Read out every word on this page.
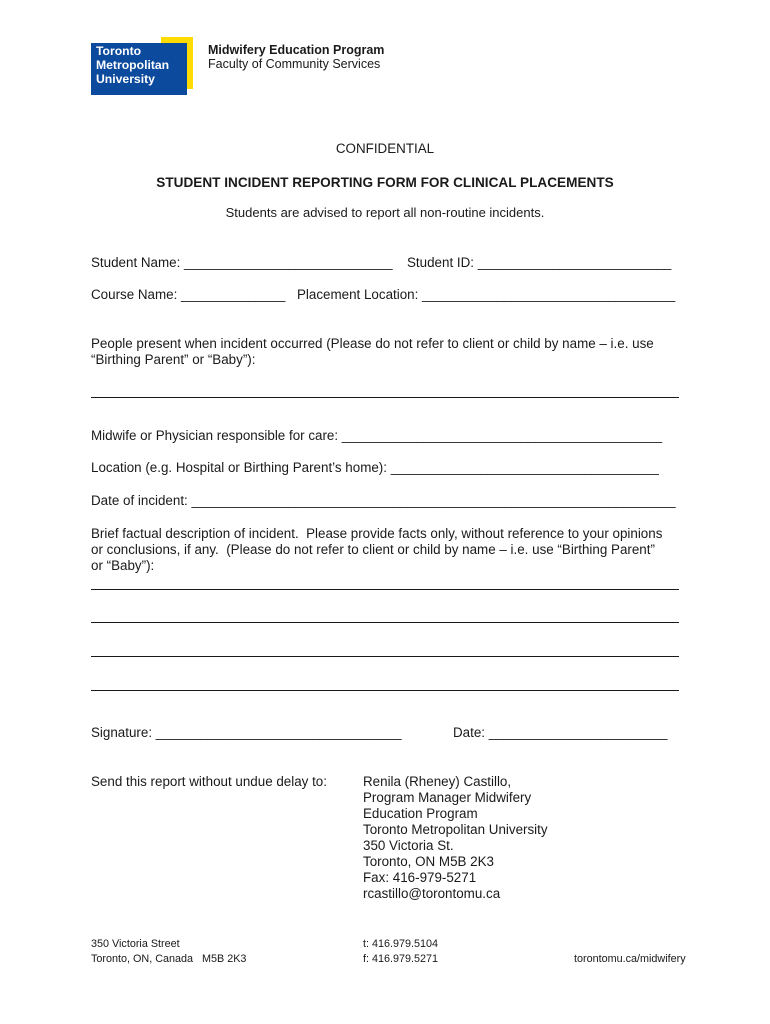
Toronto
Metropolitan
University
Midwifery Education Program
Faculty of Community Services
CONFIDENTIAL
STUDENT INCIDENT REPORTING FORM FOR CLINICAL PLACEMENTS
Students are advised to report all non-routine incidents.
Student Name: ____________________________ Student ID: __________________________
Course Name: ______________ Placement Location: __________________________________
People present when incident occurred (Please do not refer to client or child by name – i.e. use
“Birthing Parent” or “Baby”):
Midwife or Physician responsible for care: ___________________________________________
Location (e.g. Hospital or Birthing Parent’s home): ____________________________________
Date of incident: _________________________________________________________________
Brief factual description of incident.  Please provide facts only, without reference to your opinions
or conclusions, if any.  (Please do not refer to client or child by name – i.e. use “Birthing Parent”
or “Baby”):
Signature: _________________________________	Date: ________________________
Send this report without undue delay to:	Renila (Rheney) Castillo,
Program Manager Midwifery
Education Program
Toronto Metropolitan University
350 Victoria St.
Toronto, ON M5B 2K3
Fax: 416-979-5271
rcastillo@torontomu.ca
350 Victoria Street
Toronto, ON, Canada   M5B 2K3
t: 416.979.5104
f: 416.979.5271	torontomu.ca/midwifery
